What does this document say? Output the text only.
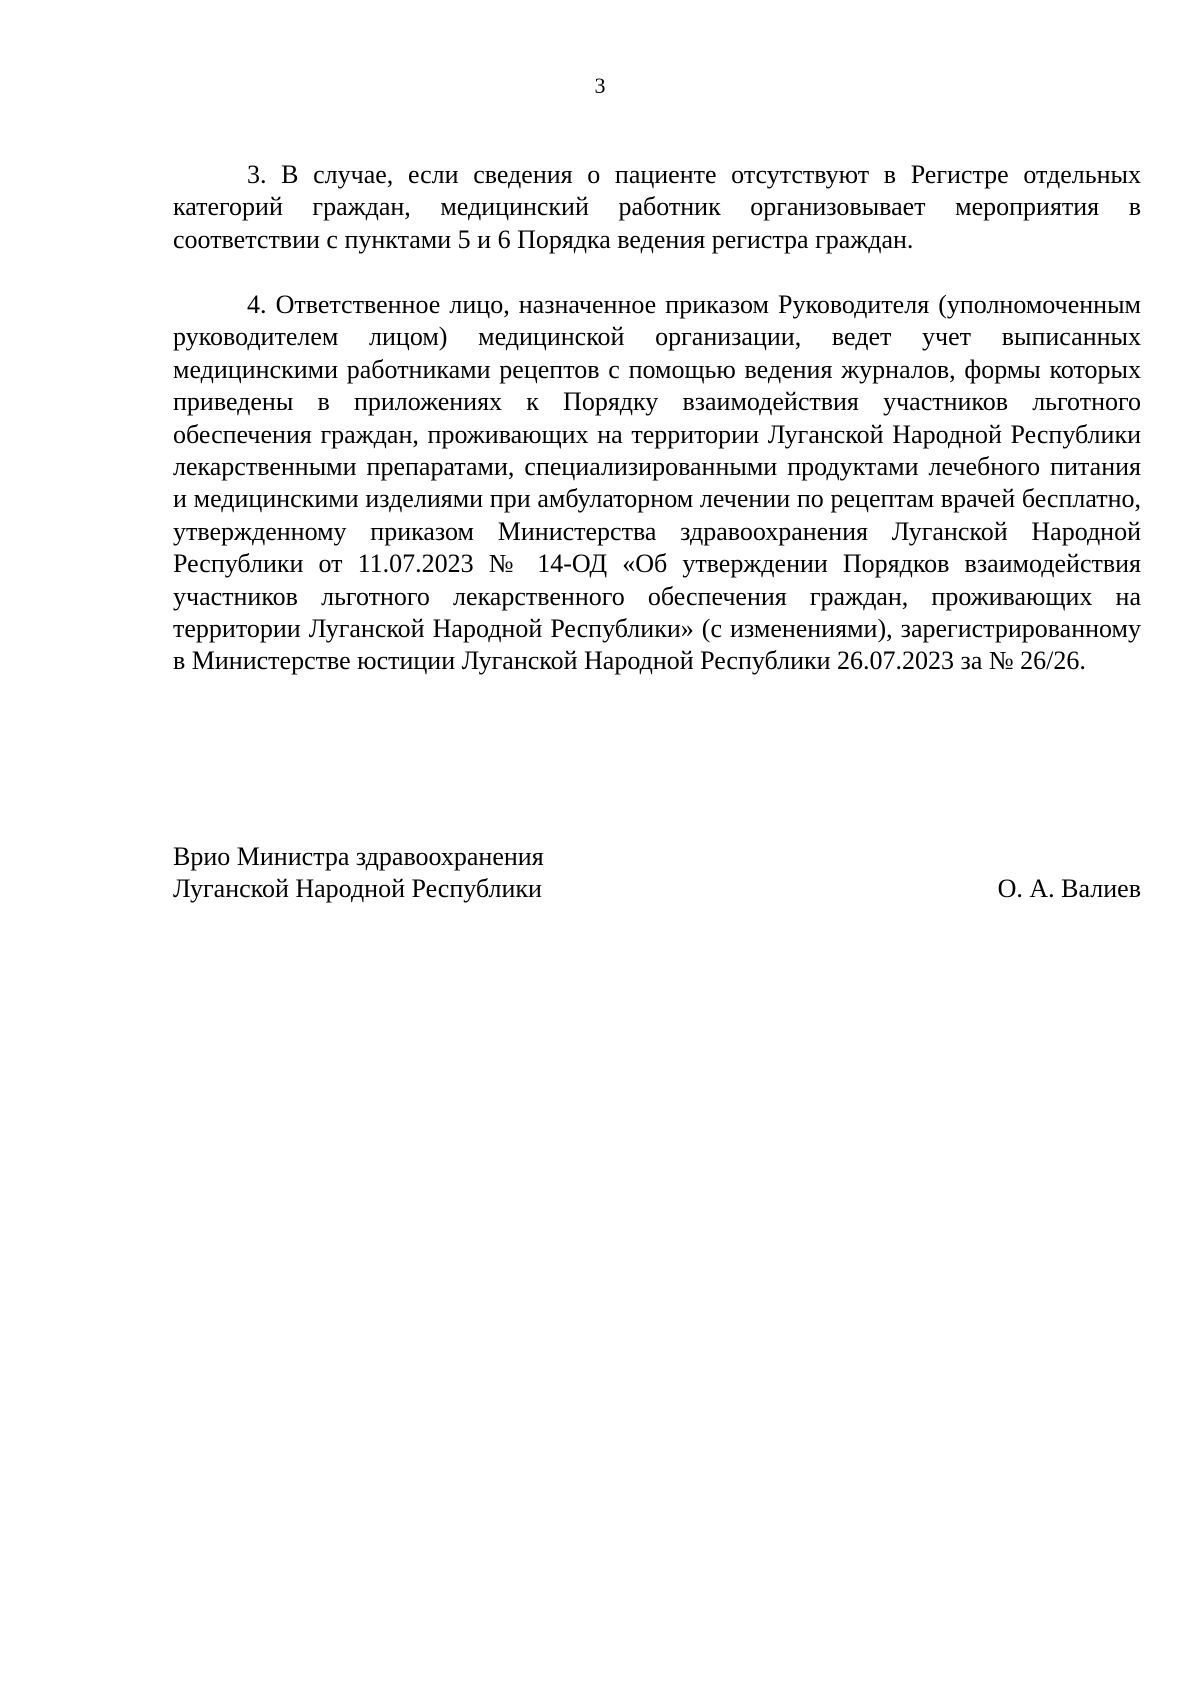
3

3. В случае, если сведения о пациенте отсутствуют в Регистре отдельных категорий граждан, медицинский работник организовывает мероприятия в соответствии с пунктами 5 и 6 Порядка ведения регистра граждан.

4. Ответственное лицо, назначенное приказом Руководителя (уполномоченным руководителем лицом) медицинской организации, ведет учет выписанных медицинскими работниками рецептов с помощью ведения журналов, формы которых приведены в приложениях к Порядку взаимодействия участников льготного обеспечения граждан, проживающих на территории Луганской Народной Республики лекарственными препаратами, специализированными продуктами лечебного питания и медицинскими изделиями при амбулаторном лечении по рецептам врачей бесплатно, утвержденному приказом Министерства здравоохранения Луганской Народной Республики от 11.07.2023 № 14-ОД «Об утверждении Порядков взаимодействия участников льготного лекарственного обеспечения граждан, проживающих на территории Луганской Народной Республики» (с изменениями), зарегистрированному в Министерстве юстиции Луганской Народной Республики 26.07.2023 за № 26/26.

Врио Министра здравоохранения
Луганской Народной Республики	О. А. Валиев
